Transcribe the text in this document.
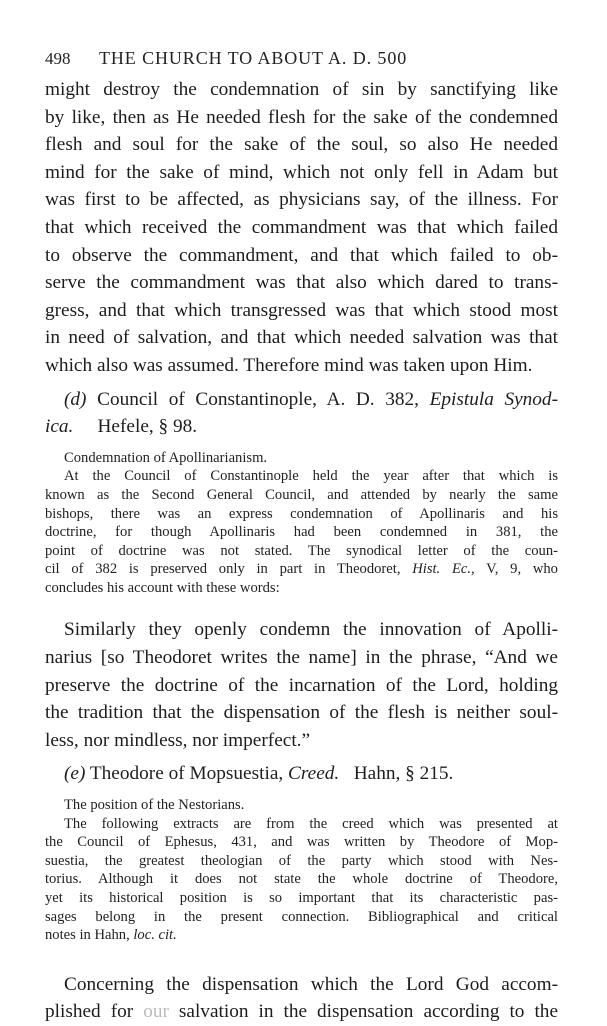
498 THE CHURCH TO ABOUT A. D. 500
might destroy the condemnation of sin by sanctifying like
by like, then as He needed flesh for the sake of the condemned
flesh and soul for the sake of the soul, so also He needed
mind for the sake of mind, which not only fell in Adam but
was first to be affected, as physicians say, of the illness. For
that which received the commandment was that which failed
to observe the commandment, and that which failed to ob-
serve the commandment was that also which dared to trans-
gress, and that which transgressed was that which stood most
in need of salvation, and that which needed salvation was that
which also was assumed. Therefore mind was taken upon Him.
(d) Council of Constantinople, A. D. 382, Epistula Synod-
ica. Hefele, § 98.
Condemnation of Apollinarianism.
At the Council of Constantinople held the year after that which is
known as the Second General Council, and attended by nearly the same
bishops, there was an express condemnation of Apollinaris and his
doctrine, for though Apollinaris had been condemned in 381, the
point of doctrine was not stated. The synodical letter of the coun-
cil of 382 is preserved only in part in Theodoret, Hist. Ec., V, 9, who
concludes his account with these words:
Similarly they openly condemn the innovation of Apolli-
narius [so Theodoret writes the name] in the phrase, “And we
preserve the doctrine of the incarnation of the Lord, holding
the tradition that the dispensation of the flesh is neither soul-
less, nor mindless, nor imperfect.”
(e) Theodore of Mopsuestia, Creed. Hahn, § 215.
The position of the Nestorians.
The following extracts are from the creed which was presented at
the Council of Ephesus, 431, and was written by Theodore of Mop-
suestia, the greatest theologian of the party which stood with Nes-
torius. Although it does not state the whole doctrine of Theodore,
yet its historical position is so important that its characteristic pas-
sages belong in the present connection. Bibliographical and critical
notes in Hahn, loc. cit.
Concerning the dispensation which the Lord God accom-
plished for our salvation in the dispensation according to the
